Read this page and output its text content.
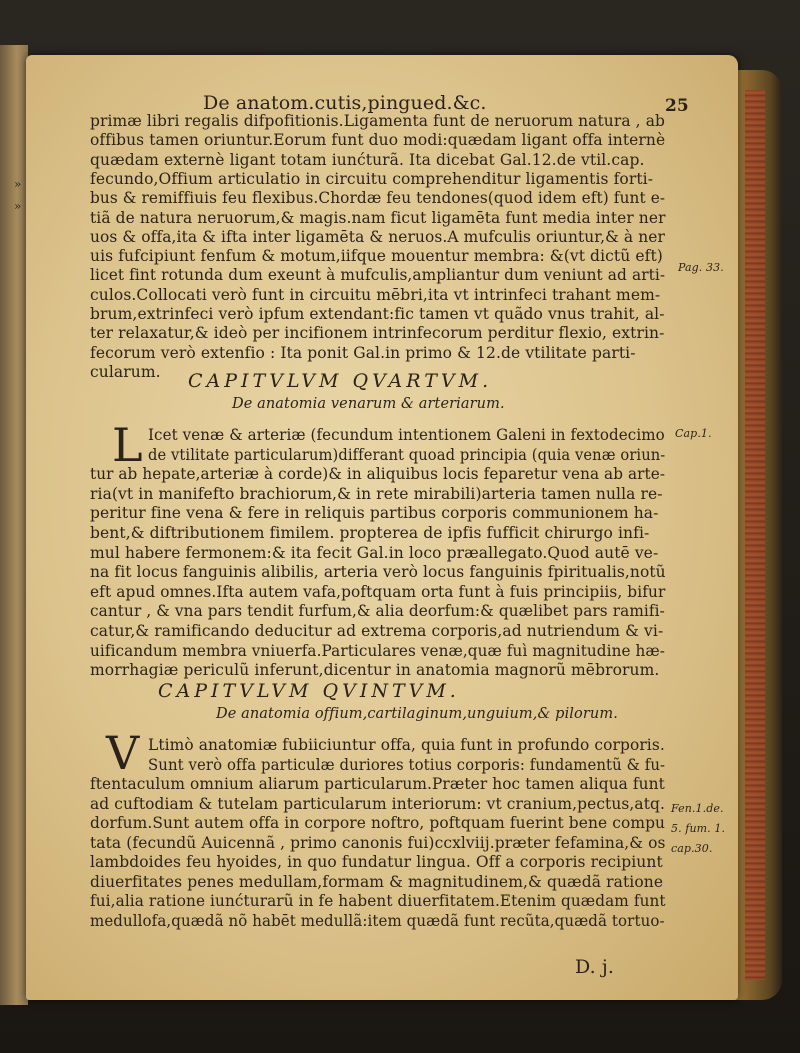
De anatom.cutis,pingued.&c.	25
»
»
Pag. 33.
Cap.1.
Fen.1.de.
5. fum. 1.
cap.30.
primæ libri regalis difpofitionis.Ligamenta funt de neruorum natura , ab
offibus tamen oriuntur.Eorum funt duo modi:quædam ligant offa internè
quædam externè ligant totam iunćturã. Ita dicebat Gal.12.de vtil.cap.
fecundo,Offium articulatio in circuitu comprehenditur ligamentis forti-
bus & remiffiuis feu flexibus.Chordæ feu tendones(quod idem eft) funt e-
tiã de natura neruorum,& magis.nam ficut ligamēta funt media inter ner
uos & offa,ita & ifta inter ligamēta & neruos.A mufculis oriuntur,& à ner
uis fufcipiunt fenfum & motum,iifque mouentur membra: &(vt dictũ eft)
licet fint rotunda dum exeunt à mufculis,ampliantur dum veniunt ad arti-
culos.Collocati verò funt in circuitu mēbri,ita vt intrinfeci trahant mem-
brum,extrinfeci verò ipfum extendant:fic tamen vt quãdo vnus trahit, al-
ter relaxatur,& ideò per incifionem intrinfecorum perditur flexio, extrin-
fecorum verò extenfio : Ita ponit Gal.in primo & 12.de vtilitate parti-
cularum. CAPITVLVM QVARTVM.
De anatomia venarum & arteriarum.
L Icet venæ & arteriæ (fecundum intentionem Galeni in fextodecimo
de vtilitate particularum)differant quoad principia (quia venæ oriun-
tur ab hepate,arteriæ à corde)& in aliquibus locis feparetur vena ab arte-
ria(vt in manifefto brachiorum,& in rete mirabili)arteria tamen nulla re-
peritur fine vena & fere in reliquis partibus corporis communionem ha-
bent,& diftributionem fimilem. propterea de ipfis fufficit chirurgo infi-
mul habere fermonem:& ita fecit Gal.in loco præallegato.Quod autē ve-
na fit locus fanguinis alibilis, arteria verò locus fanguinis fpiritualis,notũ
eft apud omnes.Ifta autem vafa,poftquam orta funt à fuis principiis, bifur
cantur , & vna pars tendit furfum,& alia deorfum:& quælibet pars ramifi-
catur,& ramificando deducitur ad extrema corporis,ad nutriendum & vi-
uificandum membra vniuerfa.Particulares venæ,quæ fuì magnitudine hæ-
morrhagiæ periculũ inferunt,dicentur in anatomia magnorũ mēbrorum.
CAPITVLVM QVINTVM.
De anatomia offium,cartilaginum,unguium,& pilorum.
V Ltimò anatomiæ fubiiciuntur offa, quia funt in profundo corporis.
Sunt verò offa particulæ duriores totius corporis: fundamentũ & fu-
ftentaculum omnium aliarum particularum.Præter hoc tamen aliqua funt
ad cuftodiam & tutelam particularum interiorum: vt cranium,pectus,atq.
dorfum.Sunt autem offa in corpore noftro, poftquam fuerint bene compu
tata (fecundũ Auicennã , primo canonis fui)ccxlviij.præter fefamina,& os
lambdoides feu hyoides, in quo fundatur lingua. Off a corporis recipiunt
diuerfitates penes medullam,formam & magnitudinem,& quædã ratione
fui,alia ratione iunćturarũ in fe habent diuerfitatem.Etenim quædam funt
medullofa,quædã nõ habēt medullã:item quædã funt recũta,quædã tortuo-
D. j.
